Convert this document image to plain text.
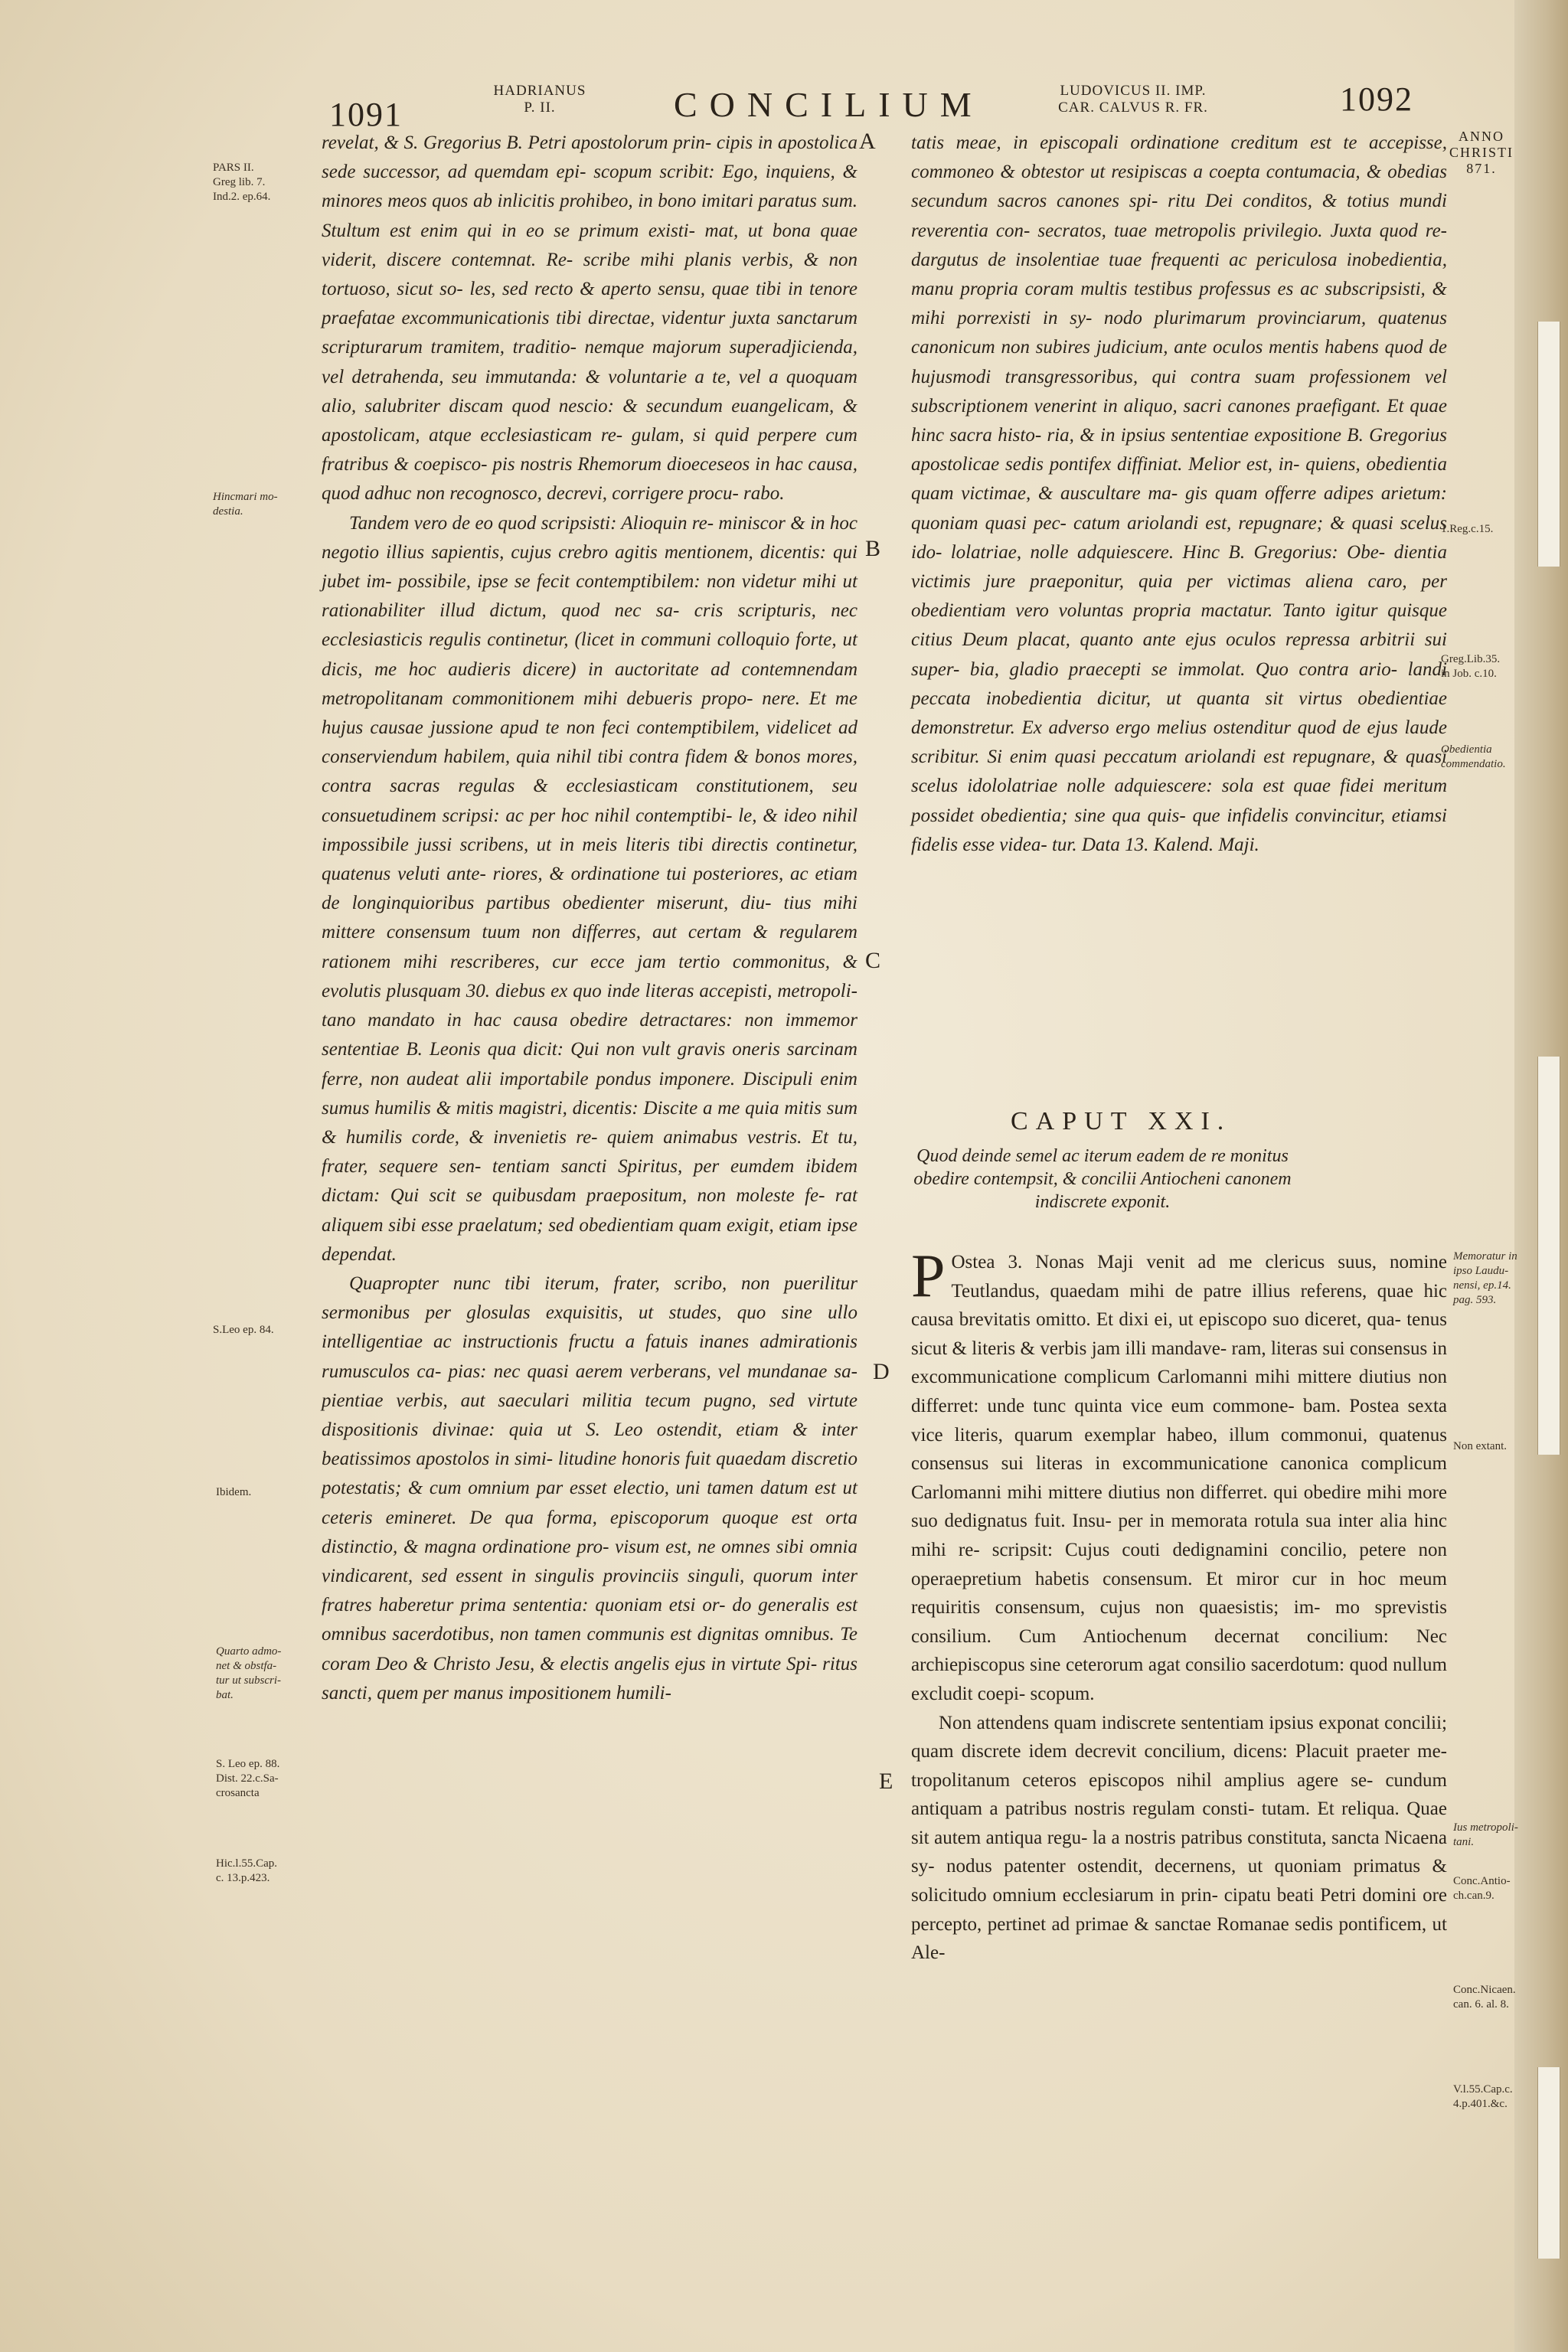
1091
HADRIANUS
P. II.	CONCILIUM	LUDOVICUS II. IMP.
CAR. CALVUS R. FR.	1092
ANNO
CHRISTI
871.

revelat, & S. Gregorius B. Petri apostolorum prin- cipis in apostolica sede successor, ad quemdam epi- scopum scribit: Ego, inquiens, & minores meos quos ab inlicitis prohibeo, in bono imitari paratus sum. Stultum est enim qui in eo se primum existi- mat, ut bona quae viderit, discere contemnat. Re- scribe mihi planis verbis, & non tortuoso, sicut so- les, sed recto & aperto sensu, quae tibi in tenore praefatae excommunicationis tibi directae, videntur juxta sanctarum scripturarum tramitem, traditio- nemque majorum superadjicienda, vel detrahenda, seu immutanda: & voluntarie a te, vel a quoquam alio, salubriter discam quod nescio: & secundum euangelicam, & apostolicam, atque ecclesiasticam re- gulam, si quid perpere cum fratribus & coepisco- pis nostris Rhemorum dioeceseos in hac causa, quod adhuc non recognosco, decrevi, corrigere procu- rabo.

Tandem vero de eo quod scripsisti: Alioquin re- miniscor & in hoc negotio illius sapientis, cujus crebro agitis mentionem, dicentis: qui jubet im- possibile, ipse se fecit contemptibilem: non videtur mihi ut rationabiliter illud dictum, quod nec sa- cris scripturis, nec ecclesiasticis regulis continetur, (licet in communi colloquio forte, ut dicis, me hoc audieris dicere) in auctoritate ad contemnendam metropolitanam commonitionem mihi debueris propo- nere. Et me hujus causae jussione apud te non feci contemptibilem, videlicet ad conserviendum habilem, quia nihil tibi contra fidem & bonos mores, contra sacras regulas & ecclesiasticam constitutionem, seu consuetudinem scripsi: ac per hoc nihil contemptibi- le, & ideo nihil impossibile jussi scribens, ut in meis literis tibi directis continetur, quatenus veluti ante- riores, & ordinatione tui posteriores, ac etiam de longinquioribus partibus obedienter miserunt, diu- tius mihi mittere consensum tuum non differres, aut certam & regularem rationem mihi rescriberes, cur ecce jam tertio commonitus, & evolutis plusquam 30. diebus ex quo inde literas accepisti, metropoli- tano mandato in hac causa obedire detractares: non immemor sententiae B. Leonis qua dicit: Qui non vult gravis oneris sarcinam ferre, non audeat alii importabile pondus imponere. Discipuli enim sumus humilis & mitis magistri, dicentis: Discite a me quia mitis sum & humilis corde, & invenietis re- quiem animabus vestris. Et tu, frater, sequere sen- tentiam sancti Spiritus, per eumdem ibidem dictam: Qui scit se quibusdam praepositum, non moleste fe- rat aliquem sibi esse praelatum; sed obedientiam quam exigit, etiam ipse dependat.

Quapropter nunc tibi iterum, frater, scribo, non puerilitur sermonibus per glosulas exquisitis, ut studes, quo sine ullo intelligentiae ac instructionis fructu a fatuis inanes admirationis rumusculos ca- pias: nec quasi aerem verberans, vel mundanae sa- pientiae verbis, aut saeculari militia tecum pugno, sed virtute dispositionis divinae: quia ut S. Leo ostendit, etiam & inter beatissimos apostolos in simi- litudine honoris fuit quaedam discretio potestatis; & cum omnium par esset electio, uni tamen datum est ut ceteris emineret. De qua forma, episcoporum quoque est orta distinctio, & magna ordinatione pro- visum est, ne omnes sibi omnia vindicarent, sed essent in singulis provinciis singuli, quorum inter fratres haberetur prima sententia: quoniam etsi or- do generalis est omnibus sacerdotibus, non tamen communis est dignitas omnibus. Te coram Deo & Christo Jesu, & electis angelis ejus in virtute Spi- ritus sancti, quem per manus impositionem humili-

tatis meae, in episcopali ordinatione creditum est te accepisse, commoneo & obtestor ut resipiscas a coepta contumacia, & obedias secundum sacros canones spi- ritu Dei conditos, & totius mundi reverentia con- secratos, tuae metropolis privilegio. Juxta quod re- dargutus de insolentiae tuae frequenti ac periculosa inobedientia, manu propria coram multis testibus professus es ac subscripsisti, & mihi porrexisti in sy- nodo plurimarum provinciarum, quatenus canonicum non subires judicium, ante oculos mentis habens quod de hujusmodi transgressoribus, qui contra suam professionem vel subscriptionem venerint in aliquo, sacri canones praefigant. Et quae hinc sacra histo- ria, & in ipsius sententiae expositione B. Gregorius apostolicae sedis pontifex diffiniat. Melior est, in- quiens, obedientia quam victimae, & auscultare ma- gis quam offerre adipes arietum: quoniam quasi pec- catum ariolandi est, repugnare; & quasi scelus ido- lolatriae, nolle adquiescere. Hinc B. Gregorius: Obe- dientia victimis jure praeponitur, quia per victimas aliena caro, per obedientiam vero voluntas propria mactatur. Tanto igitur quisque citius Deum placat, quanto ante ejus oculos repressa arbitrii sui super- bia, gladio praecepti se immolat. Quo contra ario- landi peccata inobedientia dicitur, ut quanta sit virtus obedientiae demonstretur. Ex adverso ergo melius ostenditur quod de ejus laude scribitur. Si enim quasi peccatum ariolandi est repugnare, & quasi scelus idololatriae nolle adquiescere: sola est quae fidei meritum possidet obedientia; sine qua quis- que infidelis convincitur, etiamsi fidelis esse videa- tur. Data 13. Kalend. Maji.

CAPUT XXI.
Quod deinde semel ac iterum eadem de re monitus obedire contempsit, & concilii Antiocheni canonem indiscrete exponit.

P Ostea 3. Nonas Maji venit ad me clericus suus, nomine Teutlandus, quaedam mihi de patre illius referens, quae hic causa brevitatis omitto. Et dixi ei, ut episcopo suo diceret, qua- tenus sicut & literis & verbis jam illi mandave- ram, literas sui consensus in excommunicatione complicum Carlomanni mihi mittere diutius non differret: unde tunc quinta vice eum commone- bam. Postea sexta vice literis, quarum exemplar habeo, illum commonui, quatenus consensus sui literas in excommunicatione canonica complicum Carlomanni mihi mittere diutius non differret. qui obedire mihi more suo dedignatus fuit. Insu- per in memorata rotula sua inter alia hinc mihi re- scripsit: Cujus couti dedignamini concilio, petere non operaepretium habetis consensum. Et miror cur in hoc meum requiritis consensum, cujus non quaesistis; im- mo sprevistis consilium. Cum Antiochenum decernat concilium: Nec archiepiscopus sine ceterorum agat consilio sacerdotum: quod nullum excludit coepi- scopum.

Non attendens quam indiscrete sententiam ipsius exponat concilii; quam discrete idem decrevit concilium, dicens: Placuit praeter me- tropolitanum ceteros episcopos nihil amplius agere se- cundum antiquam a patribus nostris regulam consti- tutam. Et reliqua. Quae sit autem antiqua regu- la a nostris patribus constituta, sancta Nicaena sy- nodus patenter ostendit, decernens, ut quoniam primatus & solicitudo omnium ecclesiarum in prin- cipatu beati Petri domini ore percepto, pertinet ad primae & sanctae Romanae sedis pontificem, ut Ale-

A
B
C
D
E
PARS II.
Greg lib. 7.
Ind.2. ep.64.
Hincmari mo-
destia.
S.Leo ep. 84.
Ibidem.
Quarto admo-
net & obstfa-
tur ut subscri-
bat.
S. Leo ep. 88.
Dist. 22.c.Sa-
crosancta
Hic.l.55.Cap.
c. 13.p.423.
1.Reg.c.15.
Greg.Lib.35.
in Job. c.10.
Obedientia
commendatio.
Memoratur in
ipso Laudu-
nensi, ep.14.
pag. 593.
Non extant.
Ius metropoli-
tani.
Conc.Antio-
ch.can.9.
Conc.Nicaen.
can. 6. al. 8.
V.l.55.Cap.c.
4.p.401.&c.
